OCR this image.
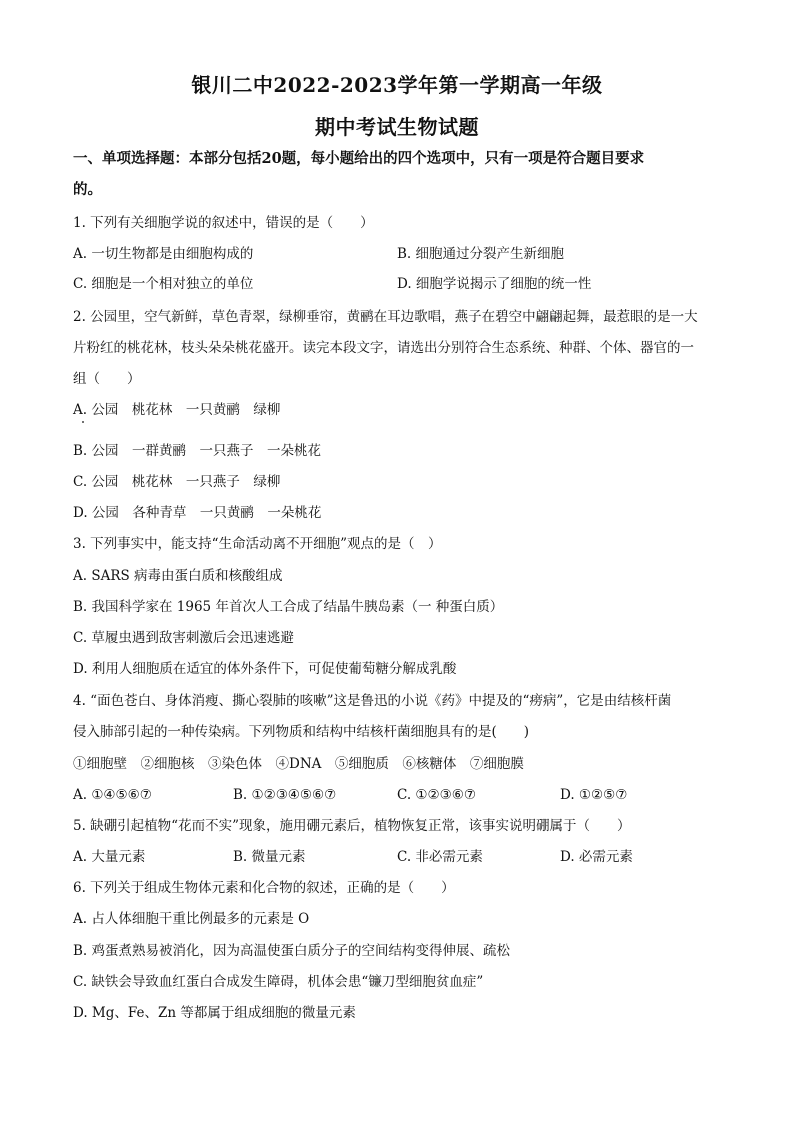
银川二中2022-2023学年第一学期高一年级
期中考试生物试题
一、单项选择题：本部分包括20题，每小题给出的四个选项中，只有一项是符合题目要求
的。
1. 下列有关细胞学说的叙述中，错误的是（　　）
A. 一切生物都是由细胞构成的	B. 细胞通过分裂产生新细胞
C. 细胞是一个相对独立的单位	D. 细胞学说揭示了细胞的统一性
2. 公园里，空气新鲜，草色青翠，绿柳垂帘，黄鹂在耳边歌唱，燕子在碧空中翩翩起舞，最惹眼的是一大
片粉红的桃花林，枝头朵朵桃花盛开。读完本段文字，请选出分别符合生态系统、种群、个体、器官的一
组（　　）
A. 公园　桃花林　一只黄鹂　绿柳
B. 公园　一群黄鹂　一只燕子　一朵桃花
C. 公园　桃花林　一只燕子　绿柳
D. 公园　各种青草　一只黄鹂　一朵桃花
3. 下列事实中，能支持“生命活动离不开细胞”观点的是（　）
A. SARS 病毒由蛋白质和核酸组成
B. 我国科学家在 1965 年首次人工合成了结晶牛胰岛素（一 种蛋白质）
C. 草履虫遇到敌害刺激后会迅速逃避
D. 利用人细胞质在适宜的体外条件下，可促使葡萄糖分解成乳酸
4. “面色苍白、身体消瘦、撕心裂肺的咳嗽”这是鲁迅的小说《药》中提及的“痨病”，它是由结核杆菌
侵入肺部引起的一种传染病。下列物质和结构中结核杆菌细胞具有的是(　　)
①细胞壁　②细胞核　③染色体　④DNA　⑤细胞质　⑥核糖体　⑦细胞膜
A. ①④⑤⑥⑦	B. ①②③④⑤⑥⑦	C. ①②③⑥⑦	D. ①②⑤⑦
5. 缺硼引起植物“花而不实”现象，施用硼元素后，植物恢复正常，该事实说明硼属于（　　）
A. 大量元素	B. 微量元素	C. 非必需元素	D. 必需元素
6. 下列关于组成生物体元素和化合物的叙述，正确的是（　　）
A. 占人体细胞干重比例最多的元素是 O
B. 鸡蛋煮熟易被消化，因为高温使蛋白质分子的空间结构变得伸展、疏松
C. 缺铁会导致血红蛋白合成发生障碍，机体会患“镰刀型细胞贫血症”
D. Mg、Fe、Zn 等都属于组成细胞的微量元素
